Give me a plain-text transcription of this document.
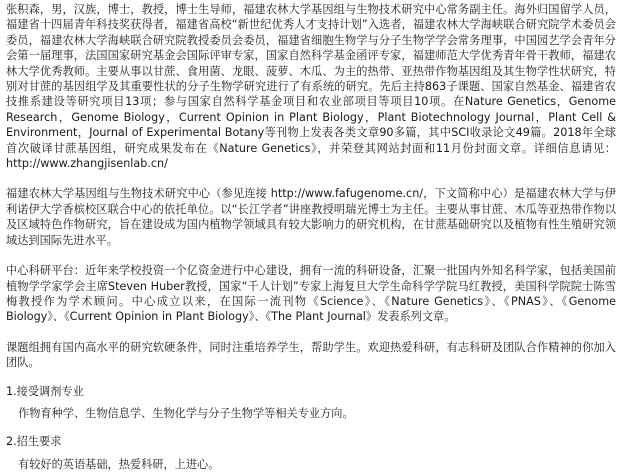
张积森，男，汉族，博士，教授，博士生导师，福建农林大学基因组与生物技术研究中心常务副主任。海外归国留学人员，福建省十四届青年科技奖获得者，福建省高校“新世纪优秀人才支持计划”入选者，福建农林大学海峡联合研究院学术委员会委员，福建农林大学海峡联合研究院教授委员会委员，福建省细胞生物学与分子生物学学会常务理事，中国园艺学会青年分会第一届理事，法国国家研究基金会国际评审专家，国家自然科学基金函评专家，福建师范大学优秀青年骨干教师，福建农林大学优秀教师。主要从事以甘蔗、食用菌、龙眼、菠萝、木瓜、为主的热带、亚热带作物基因组及其生物学性状研究，特别对甘蔗的基因组学及其重要性状的分子生物学研究进行了有系统的研究。先后主持863子课题、国家自然基金、福建省农技推系建设等研究项目13项；参与国家自然科学基金项目和农业部项目等项目10项。在Nature Genetics，Genome Research，Genome Biology，Current Opinion in Plant Biology，Plant Biotechnology Journal，Plant Cell & Environment，Journal of Experimental Botany等刊物上发表各类文章90多篇，其中SCI收录论文49篇。2018年全球首次破译甘蔗基因组，研究成果发布在《Nature Genetics》，并荣登其网站封面和11月份封面文章。详细信息请见：http://www.zhangjisenlab.cn/

福建农林大学基因组与生物技术研究中心（参见连接 http://www.fafugenome.cn/，下文简称中心）是福建农林大学与伊利诺伊大学香槟校区联合中心的依托单位。以“长江学者”讲座教授明瑞光博士为主任。主要从事甘蔗、木瓜等亚热带作物以及区域特色作物研究，旨在建设成为国内植物学领域具有较大影响力的研究机构，在甘蔗基础研究以及植物有性生殖研究领域达到国际先进水平。

中心科研平台：近年来学校投资一个亿资金进行中心建设，拥有一流的科研设备，汇聚一批国内外知名科学家，包括美国前植物学学家学会主席Steven Huber教授，国家“千人计划”专家上海复旦大学生命科学学院马红教授，美国科学院院士陈雪梅教授作为学术顾问。中心成立以来，在国际一流刊物《Science》、《Nature Genetics》、《PNAS》、《Genome Biology》、《Current Opinion in Plant Biology》、《The Plant Journal》发表系列文章。

课题组拥有国内高水平的研究软硬条件，同时注重培养学生，帮助学生。欢迎热爱科研，有志科研及团队合作精神的你加入团队。

1.接受调剂专业

作物育种学、生物信息学、生物化学与分子生物学等相关专业方向。

2.招生要求

有较好的英语基础，热爱科研，上进心。
